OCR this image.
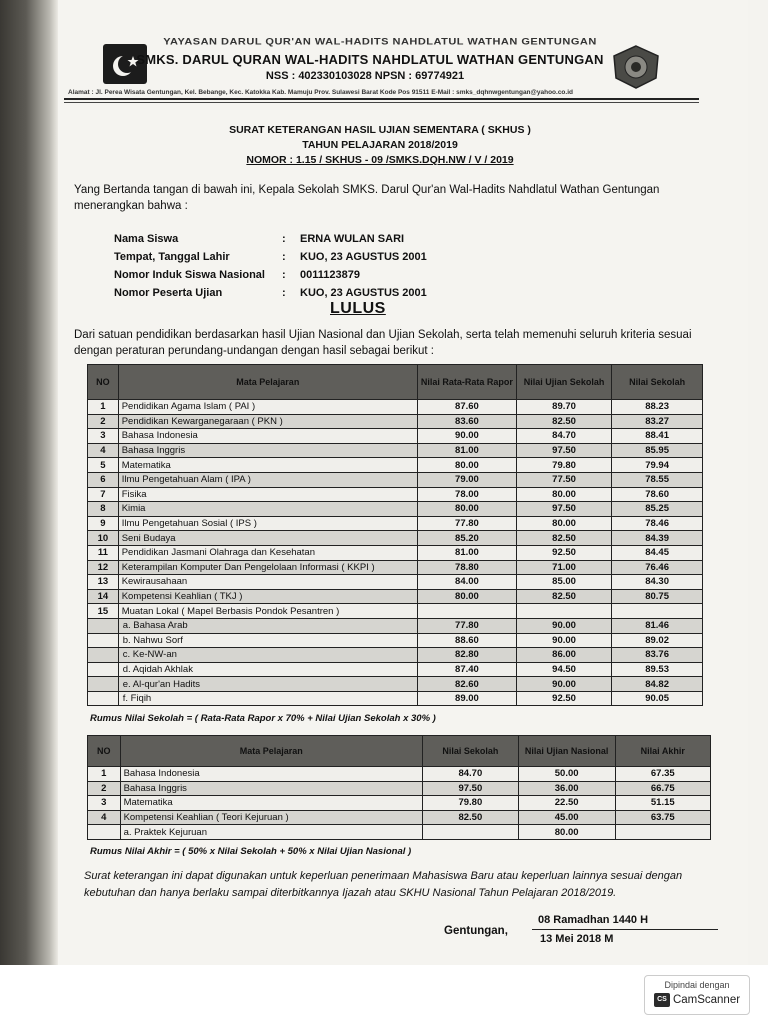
YAYASAN DARUL QUR'AN WAL-HADITS NAHDLATUL WATHAN GENTUNGAN
SMKS. DARUL QURAN WAL-HADITS NAHDLATUL WATHAN GENTUNGAN
NSS : 402330103028 NPSN : 69774921
Alamat : Jl. Perea Wisata Gentungan, Kel. Bebange, Kec. Katokka Kab. Mamuju Prov. Sulawesi Barat Kode Pos 91511 E-Mail : smks_dqhnwgentungan@yahoo.co.id
SURAT KETERANGAN HASIL UJIAN SEMENTARA ( SKHUS )
TAHUN PELAJARAN 2018/2019
NOMOR : 1.15 / SKHUS - 09 /SMKS.DQH.NW / V / 2019
Yang Bertanda tangan di bawah ini, Kepala Sekolah SMKS. Darul Qur'an Wal-Hadits Nahdlatul Wathan Gentungan menerangkan bahwa :
Nama Siswa	:	ERNA WULAN SARI
Tempat, Tanggal Lahir	:	KUO, 23 AGUSTUS 2001
Nomor Induk Siswa Nasional	:	0011123879
Nomor Peserta Ujian	:	KUO, 23 AGUSTUS 2001
LULUS
Dari satuan pendidikan berdasarkan hasil Ujian Nasional dan Ujian Sekolah, serta telah memenuhi seluruh kriteria sesuai dengan peraturan perundang-undangan dengan hasil sebagai berikut :
NO	Mata Pelajaran	Nilai Rata-Rata Rapor	Nilai Ujian Sekolah	Nilai Sekolah
1	Pendidikan Agama Islam ( PAI )	87.60	89.70	88.23
2	Pendidikan Kewarganegaraan ( PKN )	83.60	82.50	83.27
3	Bahasa Indonesia	90.00	84.70	88.41
4	Bahasa Inggris	81.00	97.50	85.95
5	Matematika	80.00	79.80	79.94
6	Ilmu Pengetahuan Alam ( IPA )	79.00	77.50	78.55
7	Fisika	78.00	80.00	78.60
8	Kimia	80.00	97.50	85.25
9	Ilmu Pengetahuan Sosial ( IPS )	77.80	80.00	78.46
10	Seni Budaya	85.20	82.50	84.39
11	Pendidikan Jasmani Olahraga dan Kesehatan	81.00	92.50	84.45
12	Keterampilan Komputer Dan Pengelolaan Informasi ( KKPI )	78.80	71.00	76.46
13	Kewirausahaan	84.00	85.00	84.30
14	Kompetensi Keahlian ( TKJ )	80.00	82.50	80.75
15	Muatan Lokal ( Mapel Berbasis Pondok Pesantren )			
	a. Bahasa Arab	77.80	90.00	81.46
	b. Nahwu Sorf	88.60	90.00	89.02
	c. Ke-NW-an	82.80	86.00	83.76
	d. Aqidah Akhlak	87.40	94.50	89.53
	e. Al-qur'an Hadits	82.60	90.00	84.82
	f. Fiqih	89.00	92.50	90.05
Rumus Nilai Sekolah = ( Rata-Rata Rapor x 70% + Nilai Ujian Sekolah x 30% )
NO	Mata Pelajaran	Nilai Sekolah	Nilai Ujian Nasional	Nilai Akhir
1	Bahasa Indonesia	84.70	50.00	67.35
2	Bahasa Inggris	97.50	36.00	66.75
3	Matematika	79.80	22.50	51.15
4	Kompetensi Keahlian ( Teori Kejuruan )	82.50	45.00	63.75
	a. Praktek Kejuruan		80.00	
Rumus Nilai Akhir = ( 50% x Nilai Sekolah + 50% x Nilai Ujian Nasional )
Surat keterangan ini dapat digunakan untuk keperluan penerimaan Mahasiswa Baru atau keperluan lainnya sesuai dengan kebutuhan dan hanya berlaku sampai diterbitkannya Ijazah atau SKHU Nasional Tahun Pelajaran 2018/2019.
Gentungan,
08 Ramadhan 1440 H
13 Mei 2018 M
Dipindai dengan
CS CamScanner
